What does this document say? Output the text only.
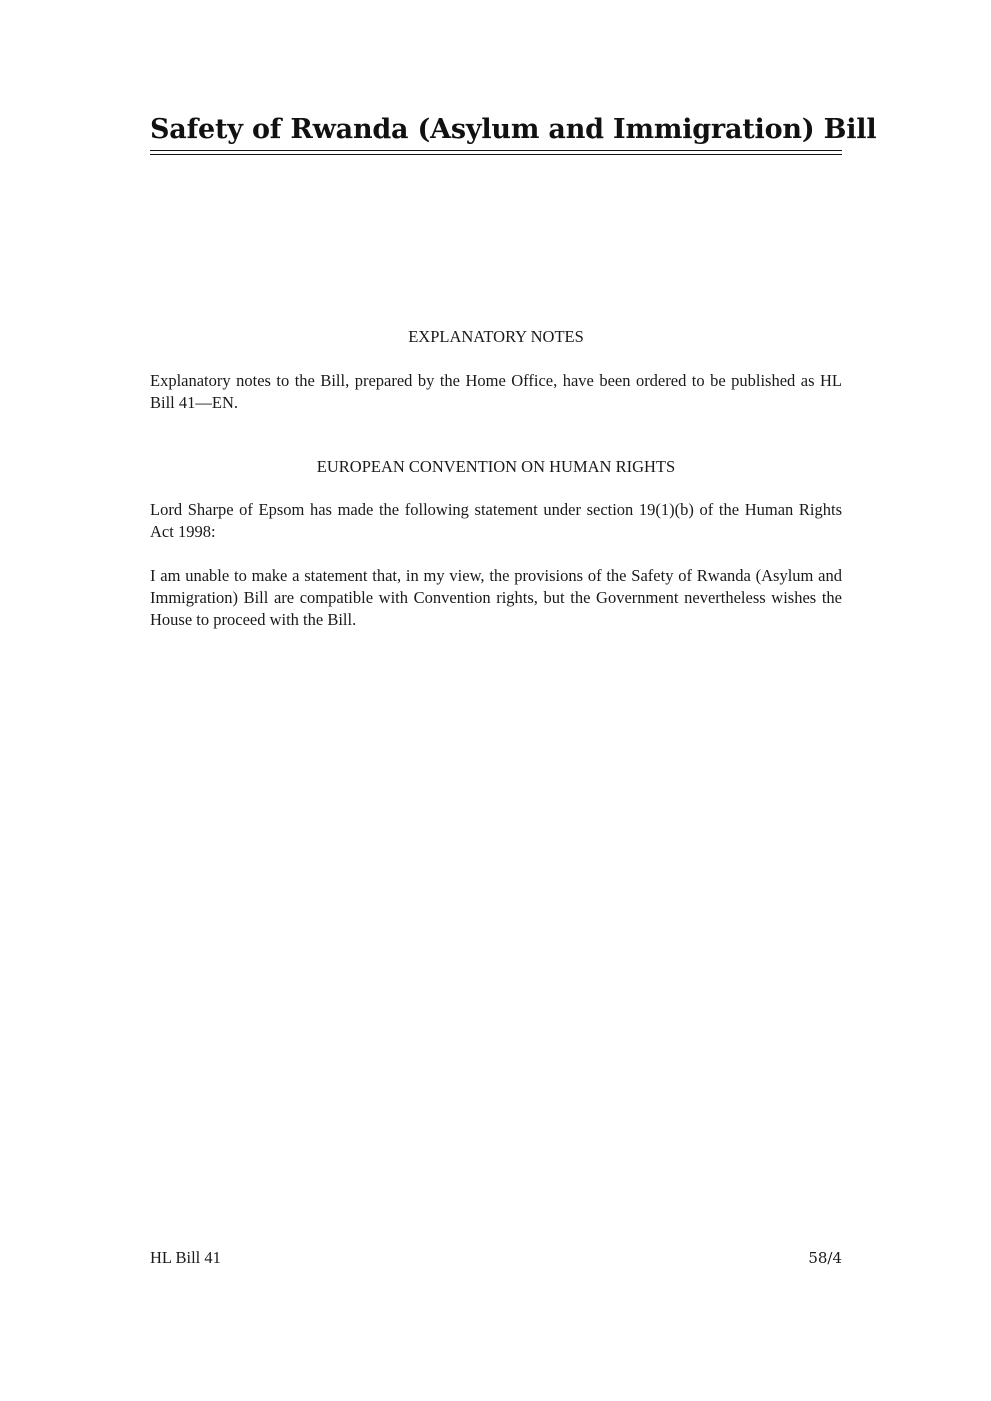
Safety of Rwanda (Asylum and Immigration) Bill
EXPLANATORY NOTES
Explanatory notes to the Bill, prepared by the Home Office, have been ordered to be published as HL Bill 41—EN.
EUROPEAN CONVENTION ON HUMAN RIGHTS
Lord Sharpe of Epsom has made the following statement under section 19(1)(b) of the Human Rights Act 1998:
I am unable to make a statement that, in my view, the provisions of the Safety of Rwanda (Asylum and Immigration) Bill are compatible with Convention rights, but the Government nevertheless wishes the House to proceed with the Bill.
HL Bill 41	58/4
